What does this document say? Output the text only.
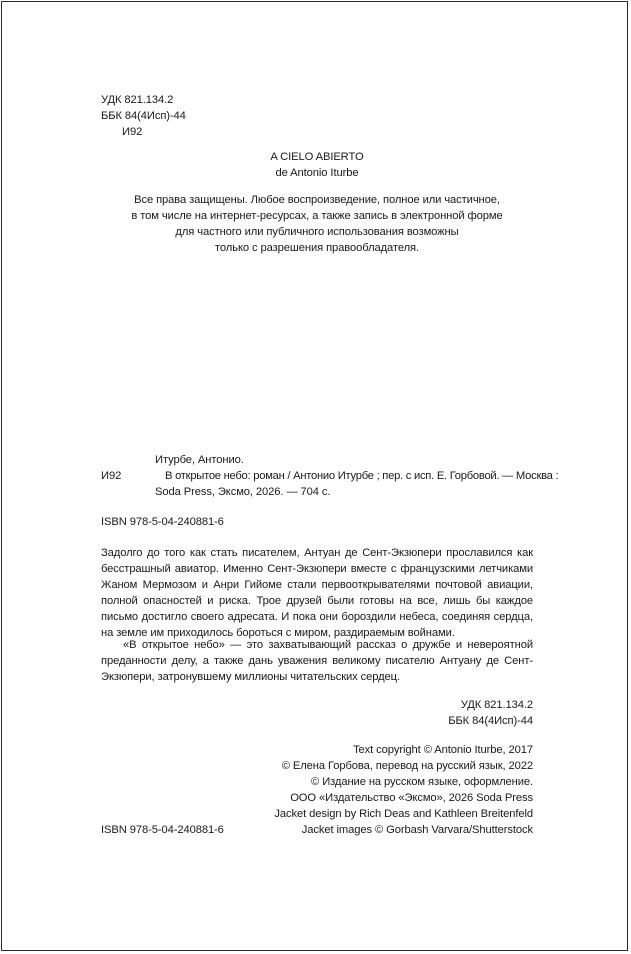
УДК 821.134.2
ББК 84(4Исп)-44
И92
A CIELO ABIERTO
de Antonio Iturbe
Все права защищены. Любое воспроизведение, полное или частичное,
в том числе на интернет-ресурсах, а также запись в электронной форме
для частного или публичного использования возможны
только с разрешения правообладателя.
Итурбе, Антонио.
И92	В открытое небо: роман / Антонио Итурбе ; пер. с исп. Е. Горбовой. — Москва :
Soda Press, Эксмо, 2026. — 704 с.
ISBN 978-5-04-240881-6
Задолго до того как стать писателем, Антуан де Сент-Экзюпери прославился как бесстрашный авиатор. Именно Сент-Экзюпери вместе с французскими летчиками Жаном Мермозом и Анри Гийоме стали первооткрывателями почтовой авиации, полной опасностей и риска. Трое друзей были готовы на все, лишь бы каждое письмо достигло своего адресата. И пока они бороздили небеса, соединяя сердца, на земле им приходилось бороться с миром, раздираемым войнами.
«В открытое небо» — это захватывающий рассказ о дружбе и невероятной преданности делу, а также дань уважения великому писателю Антуану де Сент-Экзюпери, затронувшему миллионы читательских сердец.
УДК 821.134.2
ББК 84(4Исп)-44
Text copyright © Antonio Iturbe, 2017
© Елена Горбова, перевод на русский язык, 2022
© Издание на русском языке, оформление.
ООО «Издательство «Эксмо», 2026 Soda Press
Jacket design by Rich Deas and Kathleen Breitenfeld
Jacket images © Gorbash Varvara/Shutterstock
ISBN 978-5-04-240881-6
